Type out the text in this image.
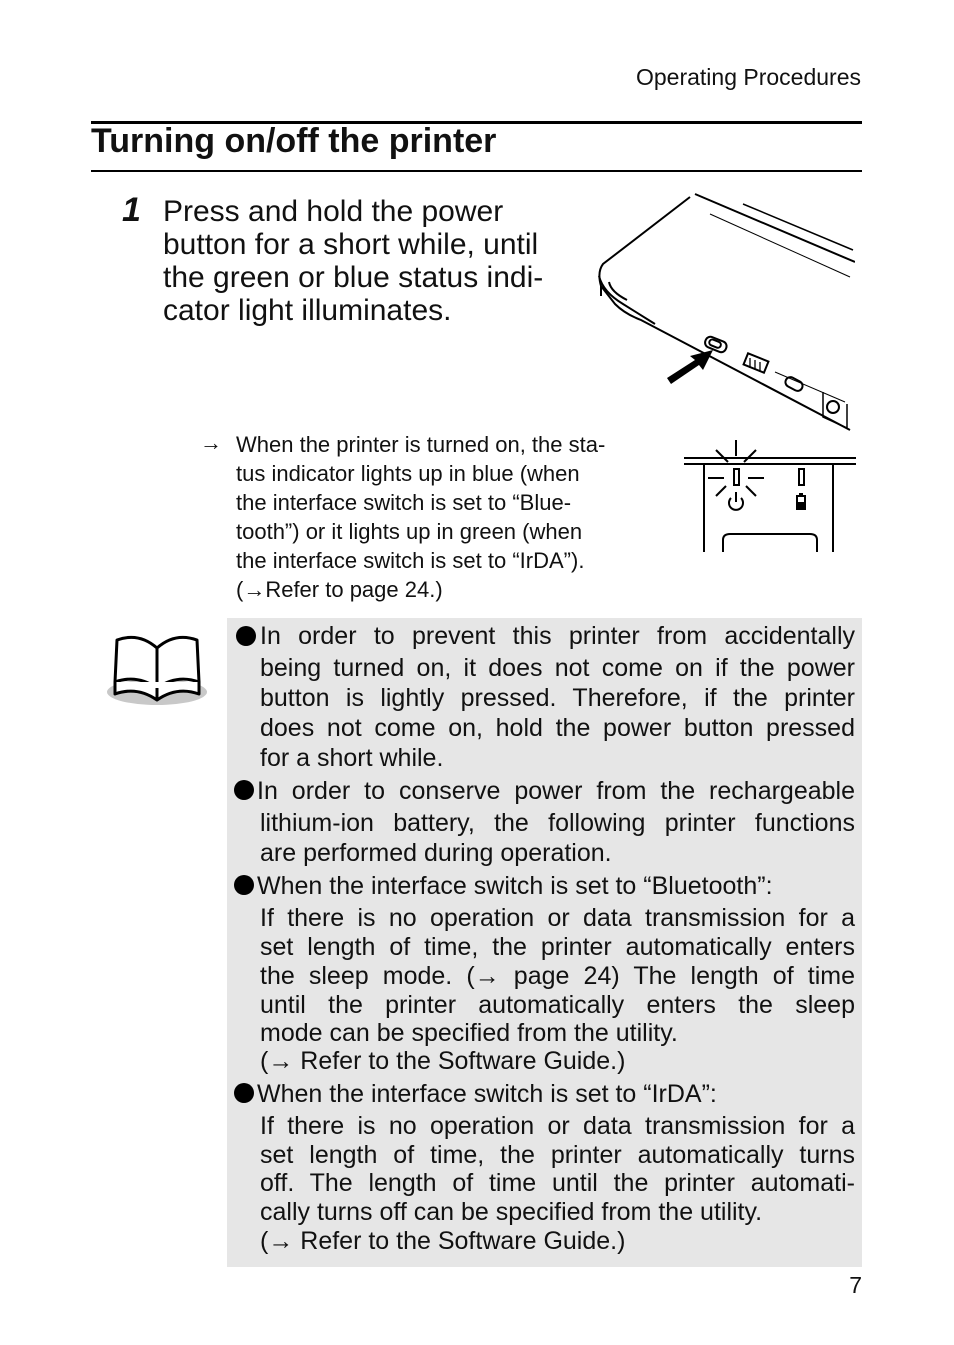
Operating Procedures
Turning on/off the printer
1 Press and hold the power
button for a short while, until
the green or blue status indi-
cator light illuminates.
→ When the printer is turned on, the sta-
tus indicator lights up in blue (when
the interface switch is set to “Blue-
tooth”) or it lights up in green (when
the interface switch is set to “IrDA”).
(→Refer to page 24.)
In order to prevent this printer from accidentally
being turned on, it does not come on if the power
button is lightly pressed. Therefore, if the printer
does not come on, hold the power button pressed
for a short while.
In order to conserve power from the rechargeable
lithium-ion battery, the following printer functions
are performed during operation.
When the interface switch is set to “Bluetooth”:
If there is no operation or data transmission for a
set length of time, the printer automatically enters
the sleep mode. (→ page 24) The length of time
until the printer automatically enters the sleep
mode can be specified from the utility.
(→ Refer to the Software Guide.)
When the interface switch is set to “IrDA”:
If there is no operation or data transmission for a
set length of time, the printer automatically turns
off. The length of time until the printer automati-
cally turns off can be specified from the utility.
(→ Refer to the Software Guide.)
7
